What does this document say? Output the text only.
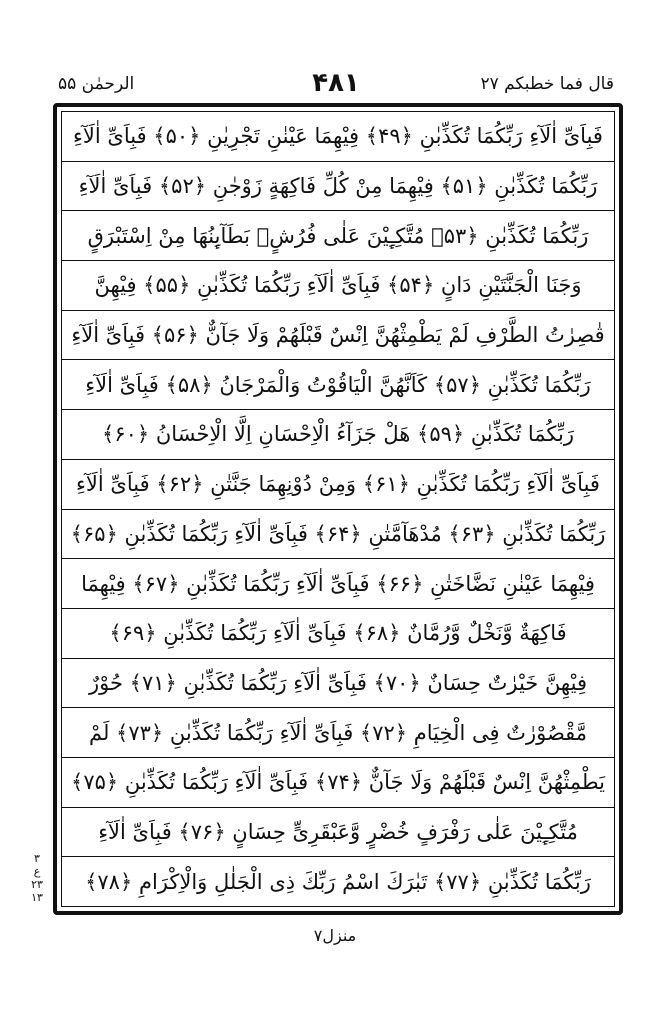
الرحمٰن ۵۵	۴۸۱	قال فما خطبکم ۲۷
فَبِاَیِّ اٰلَآءِ رَبِّكُمَا تُكَذِّبٰنِ ﴿۴۹﴾ فِیْهِمَا عَیْنٰنِ تَجْرِیٰنِ ﴿۵۰﴾ فَبِاَیِّ اٰلَآءِ
رَبِّكُمَا تُكَذِّبٰنِ ﴿۵۱﴾ فِیْهِمَا مِنْ كُلِّ فَاكِهَةٍ زَوْجٰنِ ﴿۵۲﴾ فَبِاَیِّ اٰلَآءِ
رَبِّكُمَا تُكَذِّبٰنِ ﴿۵۳﴾ مُتَّكِـِٕیْنَ عَلٰى فُرُشٍۭ بَطَآىِٕنُهَا مِنْ اِسْتَبْرَقٍ
وَجَنَا الْجَنَّتَیْنِ دَانٍ ﴿۵۴﴾ فَبِاَیِّ اٰلَآءِ رَبِّكُمَا تُكَذِّبٰنِ ﴿۵۵﴾ فِیْهِنَّ
قٰصِرٰتُ الطَّرْفِ لَمْ یَطْمِثْهُنَّ اِنْسٌ قَبْلَهُمْ وَلَا جَآنٌّ ﴿۵۶﴾ فَبِاَیِّ اٰلَآءِ
رَبِّكُمَا تُكَذِّبٰنِ ﴿۵۷﴾ كَاَنَّهُنَّ الْیَاقُوْتُ وَالْمَرْجَانُ ﴿۵۸﴾ فَبِاَیِّ اٰلَآءِ
رَبِّكُمَا تُكَذِّبٰنِ ﴿۵۹﴾ هَلْ جَزَآءُ الْاِحْسَانِ اِلَّا الْاِحْسَانُ ﴿۶۰﴾
فَبِاَیِّ اٰلَآءِ رَبِّكُمَا تُكَذِّبٰنِ ﴿۶۱﴾ وَمِنْ دُوْنِهِمَا جَنَّتٰنِ ﴿۶۲﴾ فَبِاَیِّ اٰلَآءِ
رَبِّكُمَا تُكَذِّبٰنِ ﴿۶۳﴾ مُدْهَآمَّتٰنِ ﴿۶۴﴾ فَبِاَیِّ اٰلَآءِ رَبِّكُمَا تُكَذِّبٰنِ ﴿۶۵﴾
فِیْهِمَا عَیْنٰنِ نَضَّاخَتٰنِ ﴿۶۶﴾ فَبِاَیِّ اٰلَآءِ رَبِّكُمَا تُكَذِّبٰنِ ﴿۶۷﴾ فِیْهِمَا
فَاكِهَةٌ وَّنَخْلٌ وَّرُمَّانٌ ﴿۶۸﴾ فَبِاَیِّ اٰلَآءِ رَبِّكُمَا تُكَذِّبٰنِ ﴿۶۹﴾
فِیْهِنَّ خَیْرٰتٌ حِسَانٌ ﴿۷۰﴾ فَبِاَیِّ اٰلَآءِ رَبِّكُمَا تُكَذِّبٰنِ ﴿۷۱﴾ حُوْرٌ
مَّقْصُوْرٰتٌ فِی الْخِیَامِ ﴿۷۲﴾ فَبِاَیِّ اٰلَآءِ رَبِّكُمَا تُكَذِّبٰنِ ﴿۷۳﴾ لَمْ
یَطْمِثْهُنَّ اِنْسٌ قَبْلَهُمْ وَلَا جَآنٌّ ﴿۷۴﴾ فَبِاَیِّ اٰلَآءِ رَبِّكُمَا تُكَذِّبٰنِ ﴿۷۵﴾
مُتَّكِـِٕیْنَ عَلٰى رَفْرَفٍ خُضْرٍ وَّعَبْقَرِیٍّ حِسَانٍ ﴿۷۶﴾ فَبِاَیِّ اٰلَآءِ
رَبِّكُمَا تُكَذِّبٰنِ ﴿۷۷﴾ تَبٰرَكَ اسْمُ رَبِّكَ ذِی الْجَلٰلِ وَالْاِكْرَامِ ﴿۷۸﴾
۳
ع
۲۳
۱۳
منزل۷
